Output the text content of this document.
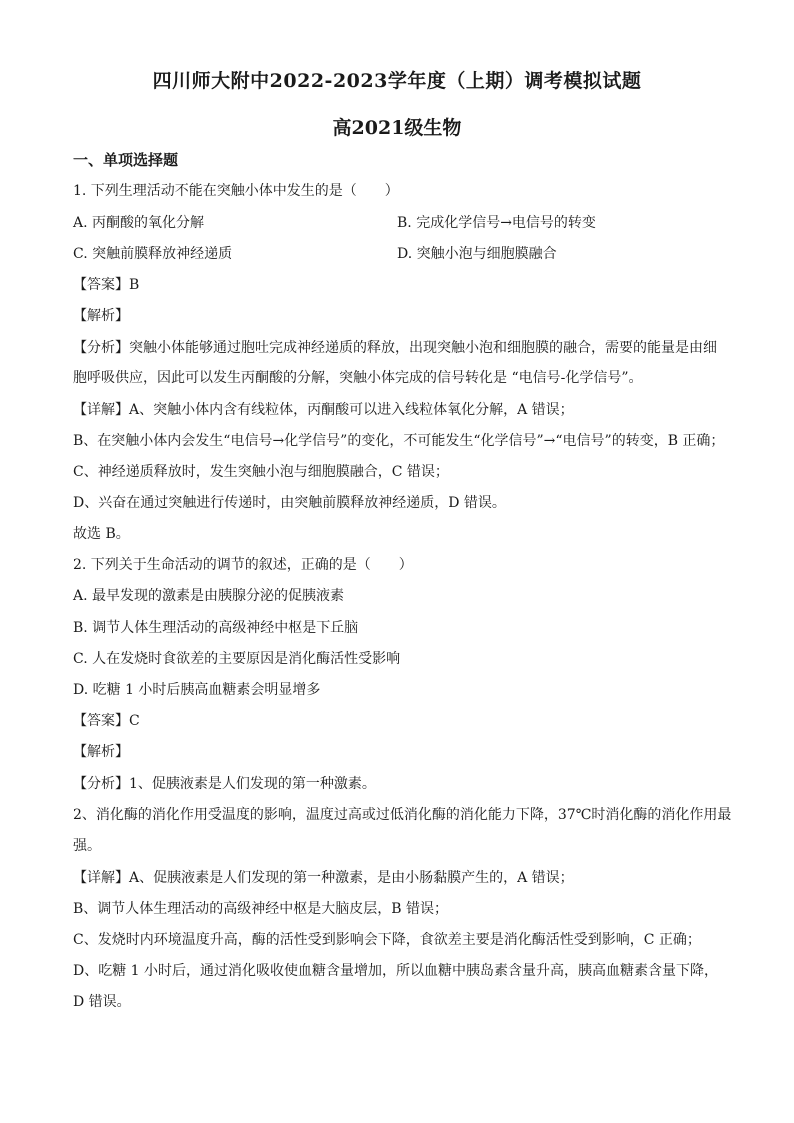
四川师大附中2022-2023学年度（上期）调考模拟试题
高2021级生物
一、单项选择题
1. 下列生理活动不能在突触小体中发生的是（　　）
A. 丙酮酸的氧化分解	B. 完成化学信号→电信号的转变
C. 突触前膜释放神经递质	D. 突触小泡与细胞膜融合
【答案】B
【解析】
【分析】突触小体能够通过胞吐完成神经递质的释放，出现突触小泡和细胞膜的融合，需要的能量是由细
胞呼吸供应，因此可以发生丙酮酸的分解，突触小体完成的信号转化是 “电信号-化学信号”。
【详解】A、突触小体内含有线粒体，丙酮酸可以进入线粒体氧化分解，A 错误；
B、在突触小体内会发生“电信号→化学信号”的变化，不可能发生“化学信号”→“电信号”的转变，B 正确；
C、神经递质释放时，发生突触小泡与细胞膜融合，C 错误；
D、兴奋在通过突触进行传递时，由突触前膜释放神经递质，D 错误。
故选 B。
2. 下列关于生命活动的调节的叙述，正确的是（　　）
A. 最早发现的激素是由胰腺分泌的促胰液素
B. 调节人体生理活动的高级神经中枢是下丘脑
C. 人在发烧时食欲差的主要原因是消化酶活性受影响
D. 吃糖 1 小时后胰高血糖素会明显增多
【答案】C
【解析】
【分析】1、促胰液素是人们发现的第一种激素。
2、消化酶的消化作用受温度的影响，温度过高或过低消化酶的消化能力下降，37℃时消化酶的消化作用最
强。
【详解】A、促胰液素是人们发现的第一种激素，是由小肠黏膜产生的，A 错误；
B、调节人体生理活动的高级神经中枢是大脑皮层，B 错误；
C、发烧时内环境温度升高，酶的活性受到影响会下降，食欲差主要是消化酶活性受到影响，C 正确；
D、吃糖 1 小时后，通过消化吸收使血糖含量增加，所以血糖中胰岛素含量升高，胰高血糖素含量下降，
D 错误。
